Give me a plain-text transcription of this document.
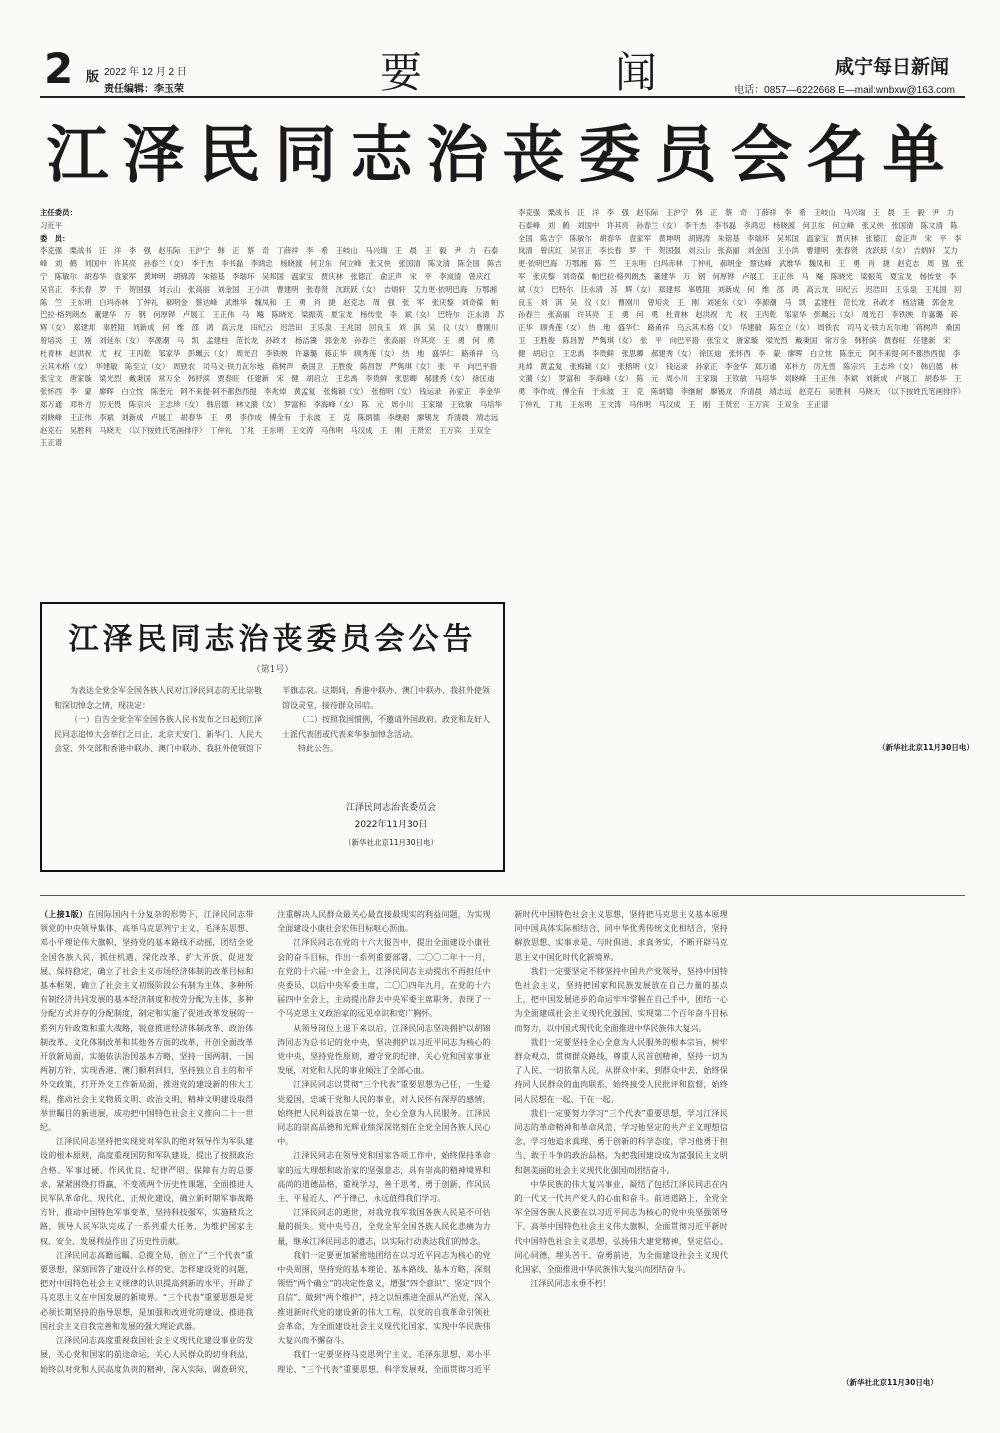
2 版 2022 年 12 月 2 日
责任编辑：李玉荣	要	闻	咸宁每日新闻
电话：0857—6222668 E—mail:wnbxw@163.com
江泽民同志治丧委员会名单
主任委员：
习近平
委　员：
李克强　栗战书　汪　洋　李　强　赵乐际　王沪宁　韩　正　蔡　奇　丁薛祥　李　希　王岐山　马兴瑞　王　晨　王　毅　尹　力　石泰峰　刘　鹤　刘国中　许其亮　孙春兰（女）　李干杰　李书磊　李鸿忠　杨晓渡　何卫东　何立峰　张又侠　张国清　陈文清　陈全国　陈吉宁　陈敏尔　胡春华　袁家军　黄坤明　胡锦涛　朱镕基　李瑞环　吴邦国　温家宝　贾庆林　张德江　俞正声　宋　平　李岚清　曾庆红　吴官正　李长春　罗　干　贺国强　刘云山　张高丽　刘金国　王小洪　曹建明　张春贤　沈跃跃（女）　吉炳轩　艾力更·依明巴海　万鄂湘　陈　竺　王东明　白玛赤林　丁仲礼　郝明金　蔡达峰　武维华　魏凤和　王　勇　肖　捷　赵克志　周　强　张　军　张庆黎　刘奇葆　帕巴拉·格列朗杰　董建华　万　钢　何厚铧　卢展工　王正伟　马　飚　陈晓光　梁振英　夏宝龙　杨传堂　李　斌（女）　巴特尔　汪永清　苏　辉（女）　郑建邦　辜胜阻　刘新成　何　维　邵　鸿　高云龙　田纪云　迟浩田　王乐泉　王兆国　回良玉　刘　淇　吴　仪（女）　曹刚川　曾培炎　王　刚　刘延东（女）　李源潮　马　凯　孟建柱　范长龙　孙政才　杨洁篪　郭金龙　孙春兰　张高丽　许其亮　王　勇　何　勇　杜青林　赵洪祝　尤　权　王丙乾　邹家华　彭珮云（女）　周光召　李铁映　许嘉璐　蒋正华　顾秀莲（女）　热　地　盛华仁　路甬祥　乌云其木格（女）　华建敏　陈至立（女）　周铁农　司马义·铁力瓦尔地　蒋树声　桑国卫　王胜俊　陈昌智　严隽琪（女）　张　平　向巴平措　张宝文　唐家璇　梁光烈　戴秉国　常万全　韩杼滨　贾春旺　任建新　宋　健　胡启立　王忠禹　李贵鲜　张思卿　郝建秀（女）　徐匡迪　张怀西　李　蒙　廖晖　白立忱　陈奎元　阿不来提·阿不都热西提　李兆焯　黄孟复　张梅颖（女）　张榕明（女）　钱运录　孙家正　李金华　郑万通　邓朴方　厉无畏　陈宗兴　王志珍（女）　韩启德　林文漪（女）　罗富和　李海峰（女）　陈　元　周小川　王家瑞　王钦敏　马培华　刘晓峰　王正伟　李斌　刘新成　卢展工　胡春华　王　勇　李作成　傅全有　于永波　王　克　陈炳德　李继耐　廖锡龙　乔清晨　靖志远　赵克石　吴胜利　马晓天　（以下按姓氏笔画排序）　丁仲礼　丁兆　王东明　王文涛　马伟明　马汉成　王　刚　王贤宏　王万宾　王双全　王正谱
李克强　栗战书　汪　洋　李　强　赵乐际　王沪宁　韩　正　蔡　奇　丁薛祥　李　希　王岐山　马兴瑞　王　晨　王　毅　尹　力　石泰峰　刘　鹤　刘国中　许其亮　孙春兰（女）　李干杰　李书磊　李鸿忠　杨晓渡　何卫东　何立峰　张又侠　张国清　陈文清　陈全国　陈吉宁　陈敏尔　胡春华　袁家军　黄坤明　胡锦涛　朱镕基　李瑞环　吴邦国　温家宝　贾庆林　张德江　俞正声　宋　平　李岚清　曾庆红　吴官正　李长春　罗　干　贺国强　刘云山　张高丽　刘金国　王小洪　曹建明　张春贤　沈跃跃（女）　吉炳轩　艾力更·依明巴海　万鄂湘　陈　竺　王东明　白玛赤林　丁仲礼　郝明金　蔡达峰　武维华　魏凤和　王　勇　肖　捷　赵克志　周　强　张　军　张庆黎　刘奇葆　帕巴拉·格列朗杰　董建华　万　钢　何厚铧　卢展工　王正伟　马　飚　陈晓光　梁振英　夏宝龙　杨传堂　李　斌（女）　巴特尔　汪永清　苏　辉（女）　郑建邦　辜胜阻　刘新成　何　维　邵　鸿　高云龙　田纪云　迟浩田　王乐泉　王兆国　回良玉　刘　淇　吴　仪（女）　曹刚川　曾培炎　王　刚　刘延东（女）　李源潮　马　凯　孟建柱　范长龙　孙政才　杨洁篪　郭金龙　孙春兰　张高丽　许其亮　王　勇　何　勇　杜青林　赵洪祝　尤　权　王丙乾　邹家华　彭珮云（女）　周光召　李铁映　许嘉璐　蒋正华　顾秀莲（女）　热　地　盛华仁　路甬祥　乌云其木格（女）　华建敏　陈至立（女）　周铁农　司马义·铁力瓦尔地　蒋树声　桑国卫　王胜俊　陈昌智　严隽琪（女）　张　平　向巴平措　张宝文　唐家璇　梁光烈　戴秉国　常万全　韩杼滨　贾春旺　任建新　宋　健　胡启立　王忠禹　李贵鲜　张思卿　郝建秀（女）　徐匡迪　张怀西　李　蒙　廖晖　白立忱　陈奎元　阿不来提·阿不都热西提　李兆焯　黄孟复　张梅颖（女）　张榕明（女）　钱运录　孙家正　李金华　郑万通　邓朴方　厉无畏　陈宗兴　王志珍（女）　韩启德　林文漪（女）　罗富和　李海峰（女）　陈　元　周小川　王家瑞　王钦敏　马培华　刘晓峰　王正伟　李斌　刘新成　卢展工　胡春华　王　勇　李作成　傅全有　于永波　王　克　陈炳德　李继耐　廖锡龙　乔清晨　靖志远　赵克石　吴胜利　马晓天　（以下按姓氏笔画排序）　丁仲礼　丁兆　王东明　王文涛　马伟明　马汉成　王　刚　王贤宏　王万宾　王双全　王正谱
江泽民同志治丧委员会公告
（第1号）

为表达全党全军全国各族人民对江泽民同志的无比崇敬和深切悼念之情，现决定：

（一）自告全党全军全国各族人民书发布之日起到江泽民同志追悼大会举行之日止，北京天安门、新华门、人民大会堂、外交部和香港中联办、澳门中联办、我驻外使领馆下半旗志哀。这期间，香港中联办、澳门中联办、我驻外使领馆设灵堂，接待群众吊唁。

（二）按照我国惯例，不邀请外国政府、政党和友好人士派代表团或代表来华参加悼念活动。

特此公告。

江泽民同志治丧委员会
2022年11月30日
（新华社北京11月30日电）
（新华社北京11月30日电）

（上接1版）在国际国内十分复杂的形势下，江泽民同志带领党的中央领导集体，高举马克思列宁主义、毛泽东思想、邓小平理论伟大旗帜，坚持党的基本路线不动摇，团结全党全国各族人民，抓住机遇、深化改革、扩大开放、促进发展、保持稳定，确立了社会主义市场经济体制的改革目标和基本框架，确立了社会主义初级阶段公有制为主体、多种所有制经济共同发展的基本经济制度和按劳分配为主体、多种分配方式并存的分配制度，制定和实施了促进改革发展的一系列方针政策和重大战略，锐意推进经济体制改革、政治体制改革、文化体制改革和其他各方面的改革，开创全面改革开放新局面，实施依法治国基本方略，坚持一国两制、一国两制方针，实现香港、澳门顺利回归，坚持独立自主的和平外交政策，打开外交工作新局面，推进党的建设新的伟大工程，推动社会主义物质文明、政治文明、精神文明建设取得举世瞩目的新进展，成功把中国特色社会主义推向二十一世纪。

江泽民同志坚持把实现党对军队的绝对领导作为军队建设的根本原则，高度重视国防和军队建设，提出了按照政治合格、军事过硬、作风优良、纪律严明、保障有力的总要求，紧紧围绕打得赢、不变质两个历史性课题，全面推进人民军队革命化、现代化、正规化建设，确立新时期军事战略方针，推动中国特色军事变革，坚持科技强军，实施精兵之路，领导人民军队完成了一系列重大任务，为维护国家主权、安全、发展利益作出了历史性贡献。

江泽民同志高瞻远瞩、总揽全局，创立了“三个代表”重要思想，深刻回答了建设什么样的党、怎样建设党的问题，把对中国特色社会主义规律的认识提高到新的水平，开辟了马克思主义在中国发展的新境界。“三个代表”重要思想是党必须长期坚持的指导思想，是加强和改进党的建设、推进我国社会主义自我完善和发展的强大理论武器。

江泽民同志高度重视我国社会主义现代化建设事业的发展，关心党和国家的前途命运，关心人民群众的切身利益，始终以对党和人民高度负责的精神，深入实际，调查研究，注重解决人民群众最关心最直接最现实的利益问题，为实现全面建设小康社会宏伟目标呕心沥血。

江泽民同志在党的十六大报告中，提出全面建设小康社会的奋斗目标，作出一系列重要部署。二〇〇二年十一月，在党的十六届一中全会上，江泽民同志主动提出不再担任中央委员，以后中央军委主席，二〇〇四年九月，在党的十六届四中全会上，主动提出辞去中央军委主席职务，表现了一个马克思主义政治家的远见卓识和宽广胸怀。

从领导岗位上退下来以后，江泽民同志坚决拥护以胡锦涛同志为总书记的党中央，坚决拥护以习近平同志为核心的党中央，坚持党性原则，遵守党的纪律，关心党和国家事业发展，对党和人民的事业倾注了全部心血。

江泽民同志以贯彻“三个代表”重要思想为己任，一生爱党爱国，忠诚于党和人民的事业，对人民怀有深厚的感情，始终把人民利益放在第一位，全心全意为人民服务。江泽民同志的崇高品德和光辉业绩深深铭刻在全党全国各族人民心中。

江泽民同志在领导党和国家各项工作中，始终保持革命家的远大理想和政治家的坚强意志，具有崇高的精神境界和高尚的道德品格，重视学习、善于思考、勇于创新，作风民主、平易近人、严于律己，永远值得我们学习。

江泽民同志的逝世，对我党我军我国各族人民是不可估量的损失。党中央号召，全党全军全国各族人民化悲痛为力量，继承江泽民同志的遗志，以实际行动表达我们的悼念。

我们一定要更加紧密地团结在以习近平同志为核心的党中央周围，坚持党的基本理论、基本路线、基本方略，深刻领悟“两个确立”的决定性意义，增强“四个意识”、坚定“四个自信”、做到“两个维护”，持之以恒推进全面从严治党，深入推进新时代党的建设新的伟大工程，以党的自我革命引领社会革命，为全面建设社会主义现代化国家、实现中华民族伟大复兴而不懈奋斗。

我们一定要坚持马克思列宁主义、毛泽东思想、邓小平理论、“三个代表”重要思想、科学发展观，全面贯彻习近平新时代中国特色社会主义思想，坚持把马克思主义基本原理同中国具体实际相结合、同中华优秀传统文化相结合，坚持解放思想、实事求是、与时俱进、求真务实，不断开辟马克思主义中国化时代化新境界。

我们一定要坚定不移坚持中国共产党领导，坚持中国特色社会主义，坚持把国家和民族发展放在自己力量的基点上，把中国发展进步的命运牢牢掌握在自己手中，团结一心为全面建成社会主义现代化强国、实现第二个百年奋斗目标而努力，以中国式现代化全面推进中华民族伟大复兴。

我们一定要坚持全心全意为人民服务的根本宗旨，树牢群众观点，贯彻群众路线，尊重人民首创精神，坚持一切为了人民、一切依靠人民，从群众中来、到群众中去，始终保持同人民群众的血肉联系，始终接受人民批评和监督，始终同人民想在一起、干在一起。

我们一定要努力学习“三个代表”重要思想，学习江泽民同志的革命精神和革命风范，学习他坚定的共产主义理想信念，学习他追求真理、勇于创新的科学态度，学习他勇于担当、敢于斗争的政治品格，为把我国建设成为富强民主文明和谐美丽的社会主义现代化强国而团结奋斗。

中华民族的伟大复兴事业，凝结了包括江泽民同志在内的一代又一代共产党人的心血和奋斗。前进道路上，全党全军全国各族人民要在以习近平同志为核心的党中央坚强领导下，高举中国特色社会主义伟大旗帜，全面贯彻习近平新时代中国特色社会主义思想，弘扬伟大建党精神，坚定信心、同心同德，埋头苦干、奋勇前进，为全面建设社会主义现代化国家、全面推进中华民族伟大复兴而团结奋斗。

江泽民同志永垂不朽！

（新华社北京11月30日电）
